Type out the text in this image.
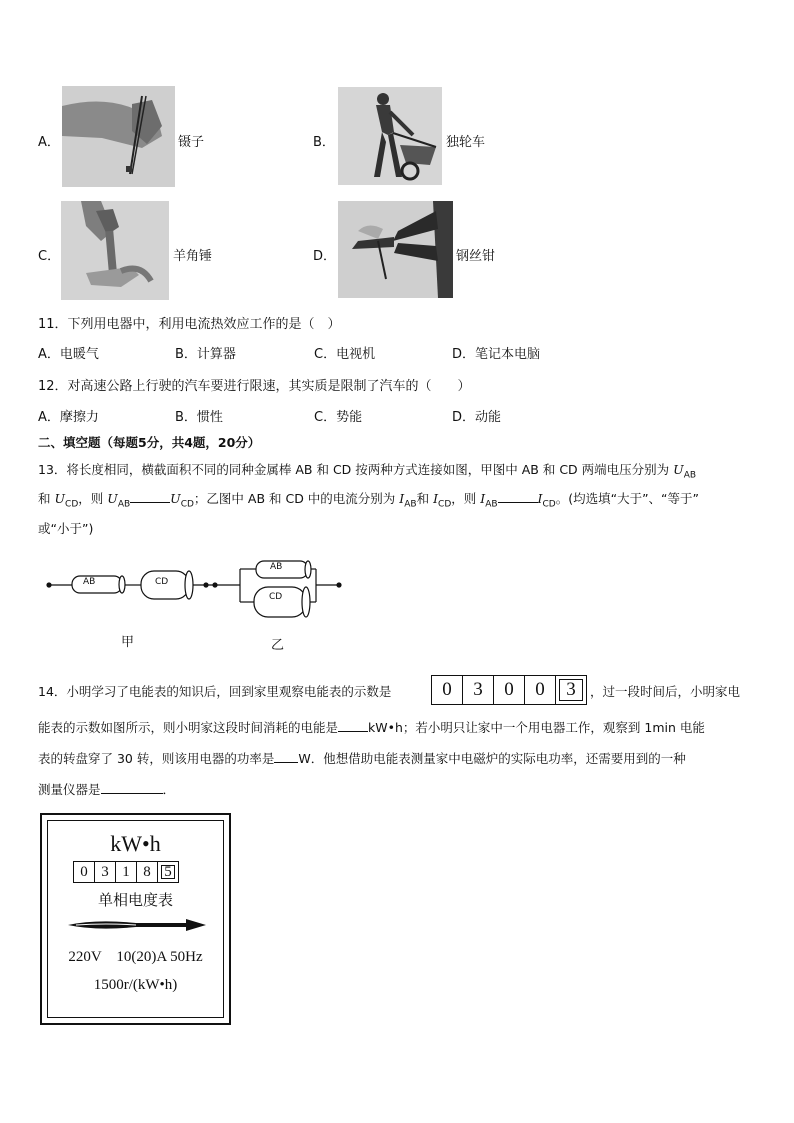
A．	镊子	B．	独轮车
C．	羊角锤	D．	钢丝钳
11．下列用电器中，利用电流热效应工作的是（　）
A．电暖气	B．计算器	C．电视机	D．笔记本电脑
12．对高速公路上行驶的汽车要进行限速，其实质是限制了汽车的（　　）
A．摩擦力	B．惯性	C．势能	D．动能
二、填空题（每题5分，共4题，20分）
13．将长度相同，横截面积不同的同种金属棒 AB 和 CD 按两种方式连接如图，甲图中 AB 和 CD 两端电压分别为 $U_{AB}$
和 $U_{CD}$，则 $U_{AB}$	$U_{CD}$；乙图中 AB 和 CD 中的电流分别为 $I_{AB}$和 $I_{CD}$，则 $I_{AB}$	$I_{CD}$。(均选填“大于”、“等于”
或“小于”)
AB	CD
AB
CD
甲	乙
14．小明学习了电能表的知识后，回到家里观察电能表的示数是	0	3	0	0	3	，过一段时间后，小明家电
能表的示数如图所示，则小明家这段时间消耗的电能是 kW•h；若小明只让家中一个用电器工作，观察到 1min 电能
表的转盘穿了 30 转，则该用电器的功率是 W．他想借助电能表测量家中电磁炉的实际电功率，还需要用到的一种
测量仪器是	．
kW•h
0 3 1 8 5
单相电度表
220V　10(20)A 50Hz
1500r/(kW•h)
